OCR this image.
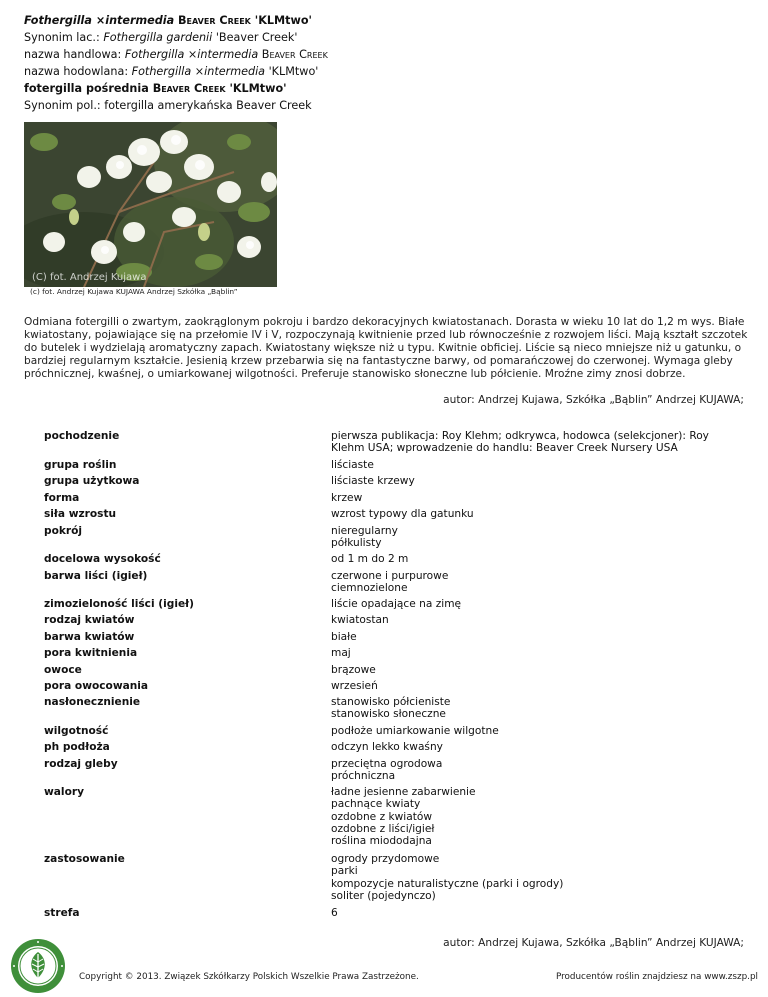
Fothergilla ×intermedia Beaver Creek 'KLMtwo'
Synonim lac.: Fothergilla gardenii 'Beaver Creek'
nazwa handlowa: Fothergilla ×intermedia Beaver Creek
nazwa hodowlana: Fothergilla ×intermedia 'KLMtwo'
fotergilla pośrednia Beaver Creek 'KLMtwo'
Synonim pol.: fotergilla amerykańska Beaver Creek
(C) fot. Andrzej Kujawa
(c) fot. Andrzej Kujawa KUJAWA Andrzej Szkółka „Bąblin”
Odmiana fotergilli o zwartym, zaokrąglonym pokroju i bardzo dekoracyjnych kwiatostanach. Dorasta w wieku 10 lat do 1,2 m wys. Białe kwiatostany, pojawiające się na przełomie IV i V, rozpoczynają kwitnienie przed lub równocześnie z rozwojem liści. Mają kształt szczotek do butelek i wydzielają aromatyczny zapach. Kwiatostany większe niż u typu. Kwitnie obficiej. Liście są nieco mniejsze niż u gatunku, o bardziej regularnym kształcie. Jesienią krzew przebarwia się na fantastyczne barwy, od pomarańczowej do czerwonej. Wymaga gleby próchnicznej, kwaśnej, o umiarkowanej wilgotności. Preferuje stanowisko słoneczne lub półcienie. Mroźne zimy znosi dobrze.
autor: Andrzej Kujawa, Szkółka „Bąblin” Andrzej KUJAWA;
pochodzenie	pierwsza publikacja: Roy Klehm; odkrywca, hodowca (selekcjoner): Roy
Klehm USA; wprowadzenie do handlu: Beaver Creek Nursery USA
grupa roślin	liściaste
grupa użytkowa	liściaste krzewy
forma	krzew
siła wzrostu	wzrost typowy dla gatunku
pokrój	nieregularny
półkulisty
docelowa wysokość	od 1 m do 2 m
barwa liści (igieł)	czerwone i purpurowe
ciemnozielone
zimozieloność liści (igieł)	liście opadające na zimę
rodzaj kwiatów	kwiatostan
barwa kwiatów	białe
pora kwitnienia	maj
owoce	brązowe
pora owocowania	wrzesień
nasłonecznienie	stanowisko półcieniste
stanowisko słoneczne
wilgotność	podłoże umiarkowanie wilgotne
ph podłoża	odczyn lekko kwaśny
rodzaj gleby	przeciętna ogrodowa
próchniczna
walory	ładne jesienne zabarwienie
pachnące kwiaty
ozdobne z kwiatów
ozdobne z liści/igieł
roślina miododajna
zastosowanie	ogrody przydomowe
parki
kompozycje naturalistyczne (parki i ogrody)
soliter (pojedynczo)
strefa	6
autor: Andrzej Kujawa, Szkółka „Bąblin” Andrzej KUJAWA;
Copyright © 2013. Związek Szkółkarzy Polskich Wszelkie Prawa Zastrzeżone.	Producentów roślin znajdziesz na www.zszp.pl
